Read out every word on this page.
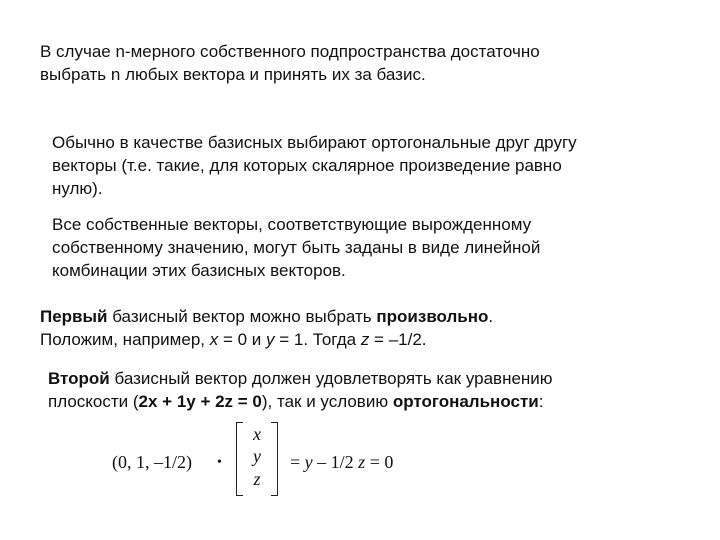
В случае n-мерного собственного подпространства достаточно
выбрать n любых вектора и принять их за базис.
Обычно в качестве базисных выбирают ортогональные друг другу
векторы (т.е. такие, для которых скалярное произведение равно
нулю).
Все собственные векторы, соответствующие вырожденному
собственному значению, могут быть заданы в виде линейной
комбинации этих базисных векторов.
Первый базисный вектор можно выбрать произвольно.
Положим, например, x = 0 и y = 1. Тогда z = –1/2.
Второй базисный вектор должен удовлетворять как уравнению
плоскости (2x + 1y + 2z = 0), так и условию ортогональности:
(0, 1, –1/2) •
x
y
z
= y – 1/2 z = 0
